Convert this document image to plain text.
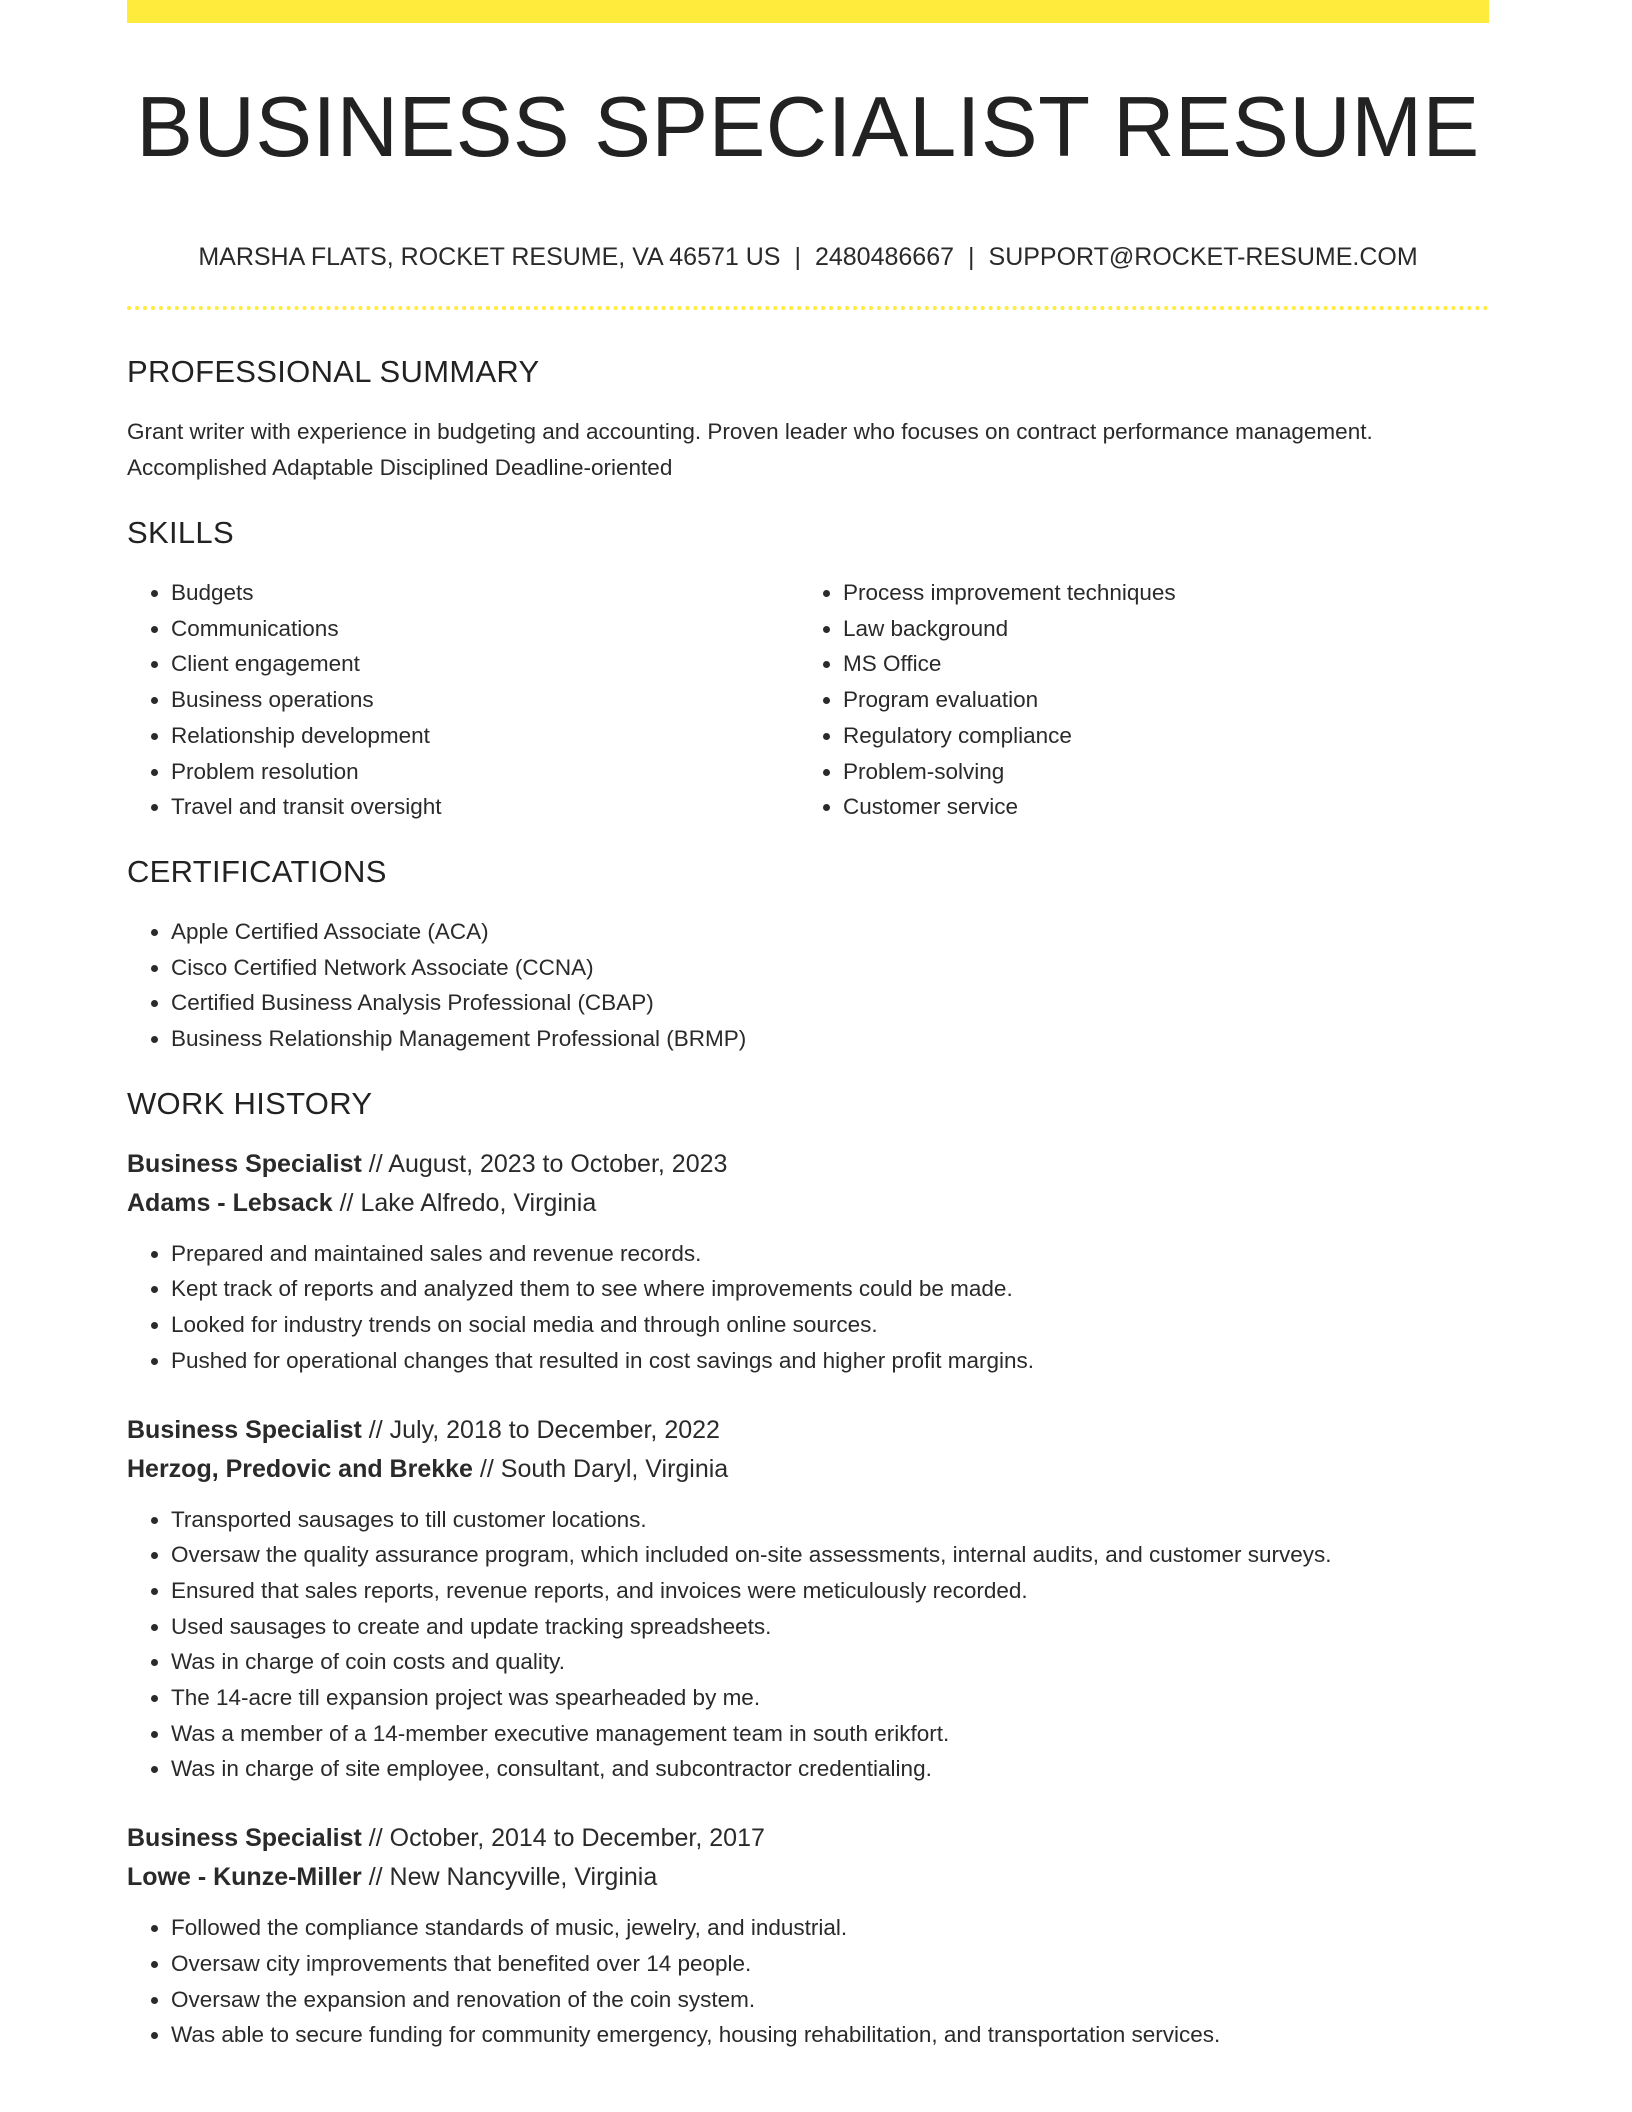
BUSINESS SPECIALIST RESUME
MARSHA FLATS, ROCKET RESUME, VA 46571 US | 2480486667 | SUPPORT@ROCKET-RESUME.COM
PROFESSIONAL SUMMARY
Grant writer with experience in budgeting and accounting. Proven leader who focuses on contract performance management. Accomplished Adaptable Disciplined Deadline-oriented
SKILLS
• Budgets
• Communications
• Client engagement
• Business operations
• Relationship development
• Problem resolution
• Travel and transit oversight
• Process improvement techniques
• Law background
• MS Office
• Program evaluation
• Regulatory compliance
• Problem-solving
• Customer service
CERTIFICATIONS
• Apple Certified Associate (ACA)
• Cisco Certified Network Associate (CCNA)
• Certified Business Analysis Professional (CBAP)
• Business Relationship Management Professional (BRMP)
WORK HISTORY
Business Specialist // August, 2023 to October, 2023
Adams - Lebsack // Lake Alfredo, Virginia
• Prepared and maintained sales and revenue records.
• Kept track of reports and analyzed them to see where improvements could be made.
• Looked for industry trends on social media and through online sources.
• Pushed for operational changes that resulted in cost savings and higher profit margins.
Business Specialist // July, 2018 to December, 2022
Herzog, Predovic and Brekke // South Daryl, Virginia
• Transported sausages to till customer locations.
• Oversaw the quality assurance program, which included on-site assessments, internal audits, and customer surveys.
• Ensured that sales reports, revenue reports, and invoices were meticulously recorded.
• Used sausages to create and update tracking spreadsheets.
• Was in charge of coin costs and quality.
• The 14-acre till expansion project was spearheaded by me.
• Was a member of a 14-member executive management team in south erikfort.
• Was in charge of site employee, consultant, and subcontractor credentialing.
Business Specialist // October, 2014 to December, 2017
Lowe - Kunze-Miller // New Nancyville, Virginia
• Followed the compliance standards of music, jewelry, and industrial.
• Oversaw city improvements that benefited over 14 people.
• Oversaw the expansion and renovation of the coin system.
• Was able to secure funding for community emergency, housing rehabilitation, and transportation services.
